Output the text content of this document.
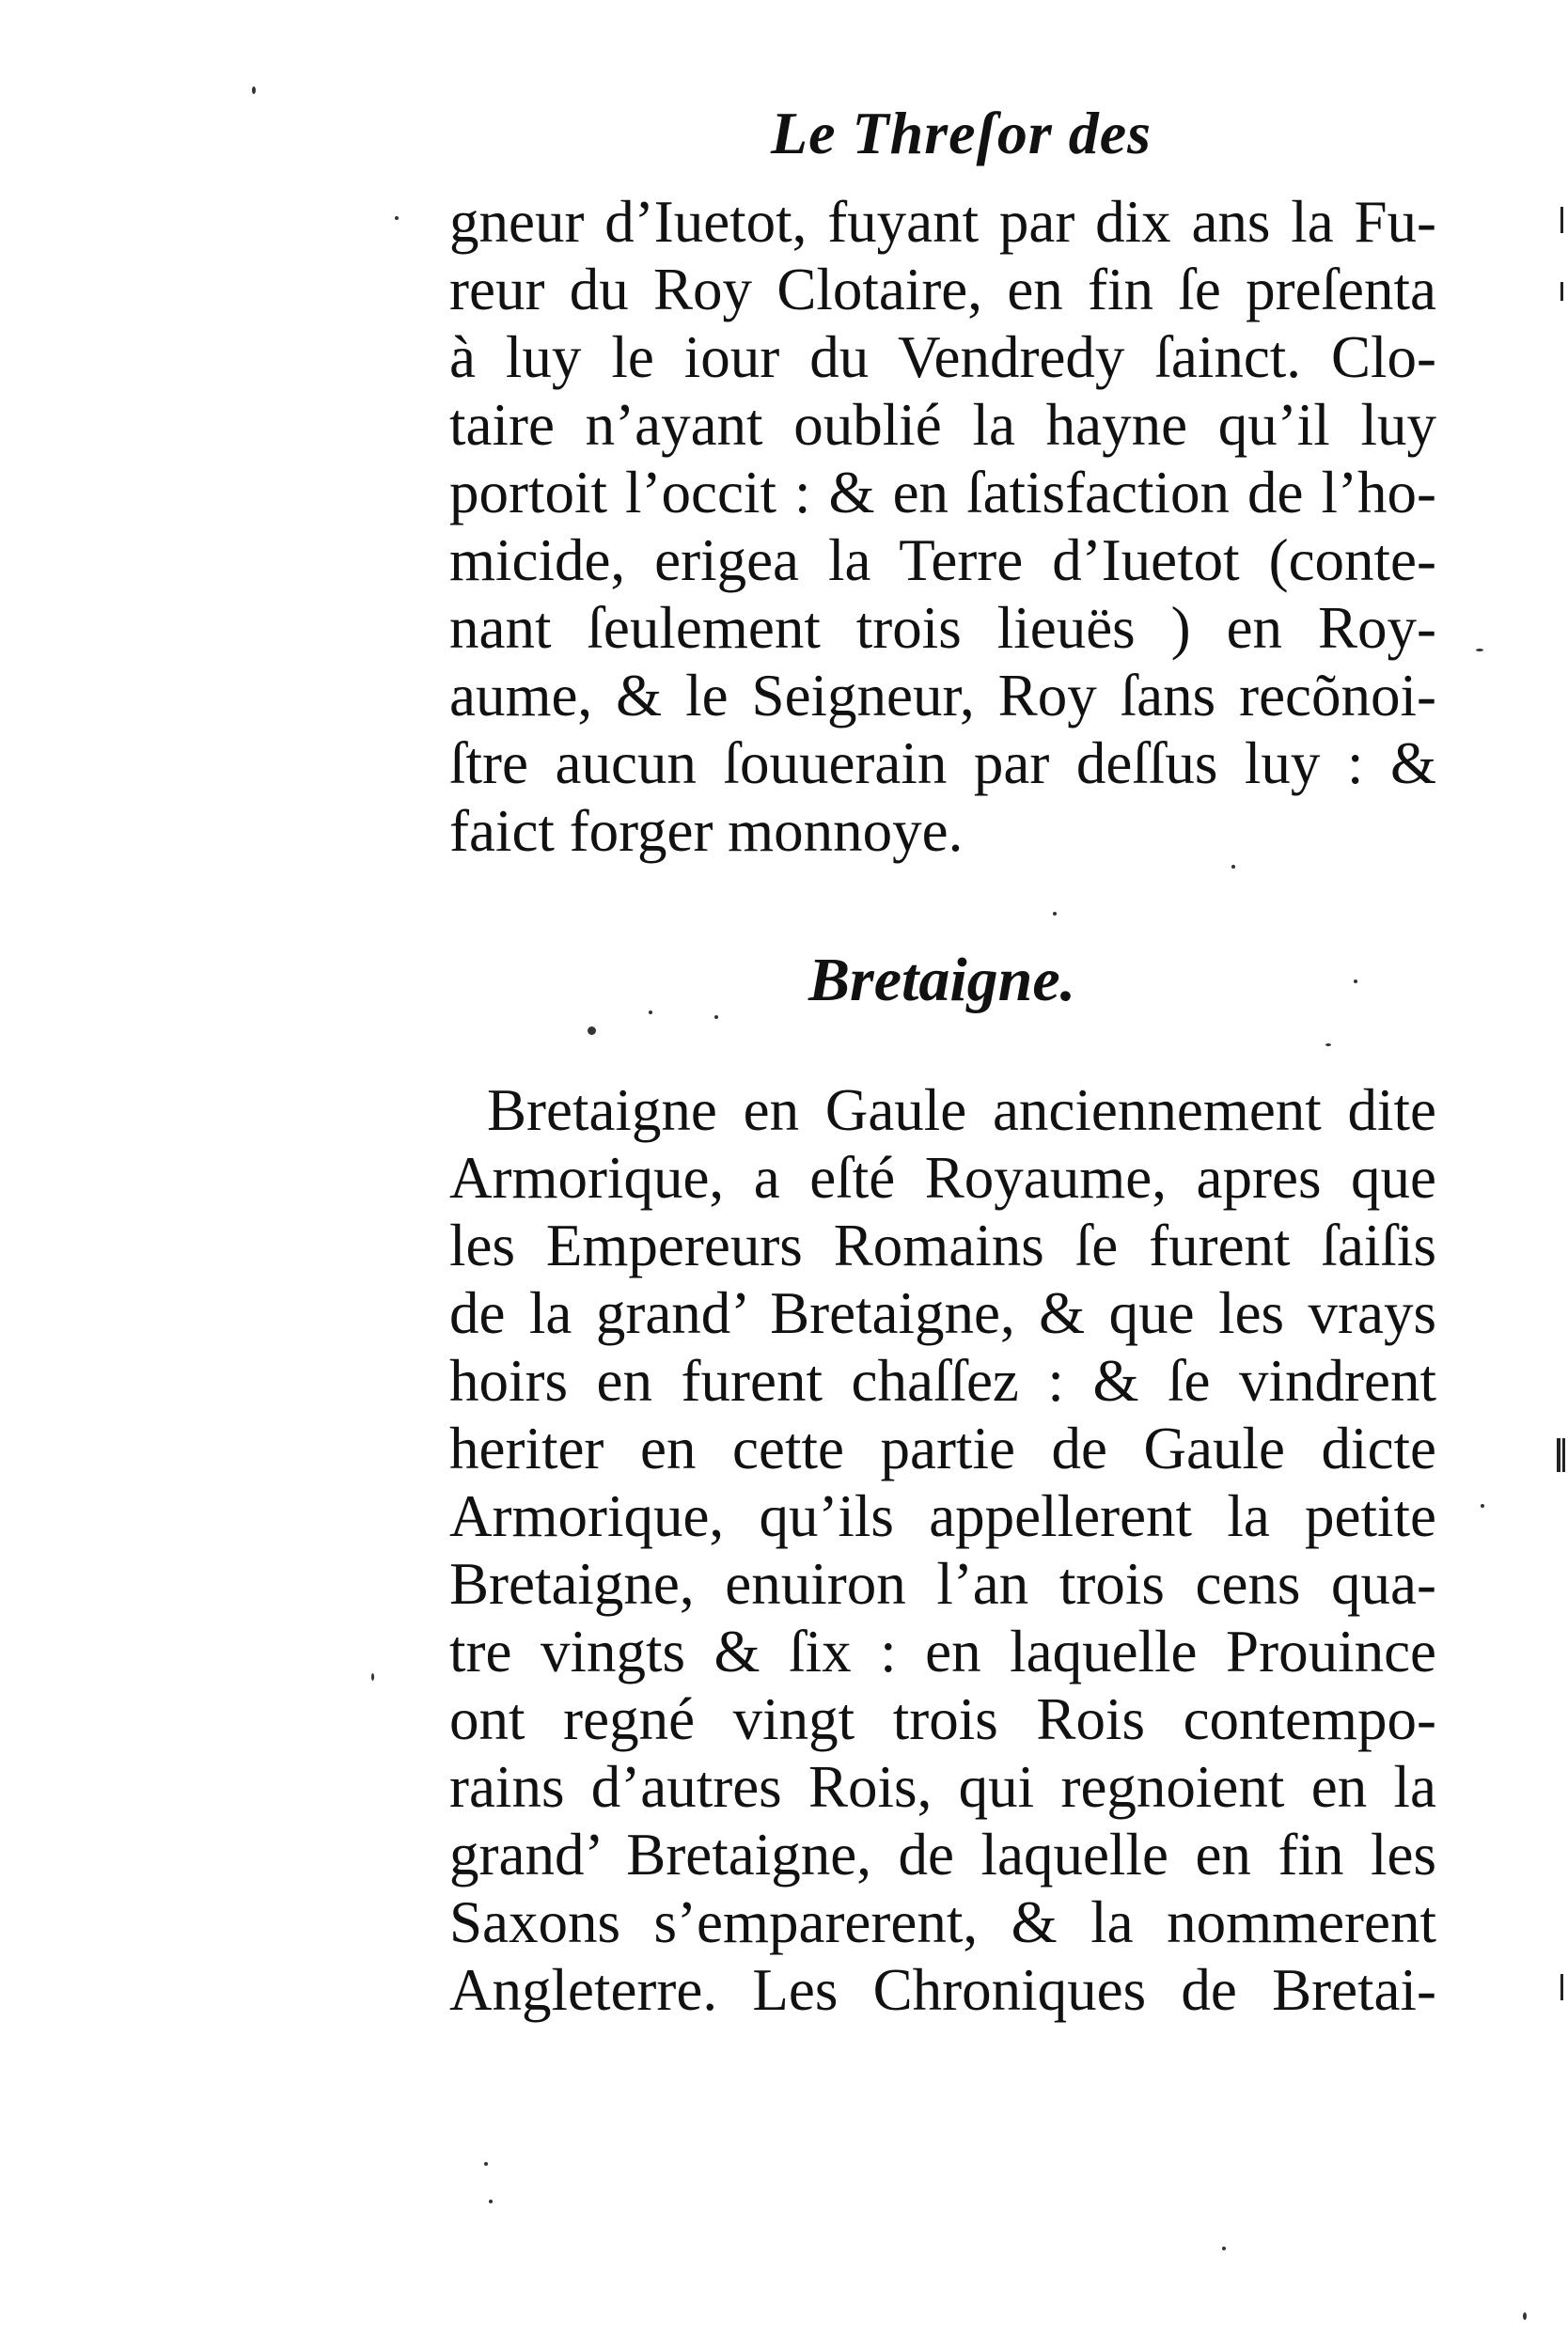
Le Threſor des
gneur d’Iuetot, fuyant par dix ans la Fu-
reur du Roy Clotaire, en fin ſe preſenta
à luy le iour du Vendredy ſainct. Clo-
taire n’ayant oublié la hayne qu’il luy
portoit l’occit : & en ſatisfaction de l’ho-
micide, erigea la Terre d’Iuetot (conte-
nant ſeulement trois lieuës ) en Roy-
aume, & le Seigneur, Roy ſans recõnoi-
ſtre aucun ſouuerain par deſſus luy : &
faict forger monnoye.
Bretaigne.
Bretaigne en Gaule anciennement dite
Armorique, a eſté Royaume, apres que
les Empereurs Romains ſe furent ſaiſis
de la grand’ Bretaigne, & que les vrays
hoirs en furent chaſſez : & ſe vindrent
heriter en cette partie de Gaule dicte
Armorique, qu’ils appellerent la petite
Bretaigne, enuiron l’an trois cens qua-
tre vingts & ſix : en laquelle Prouince
ont regné vingt trois Rois contempo-
rains d’autres Rois, qui regnoient en la
grand’ Bretaigne, de laquelle en fin les
Saxons s’emparerent, & la nommerent
Angleterre. Les Chroniques de Bretai-
